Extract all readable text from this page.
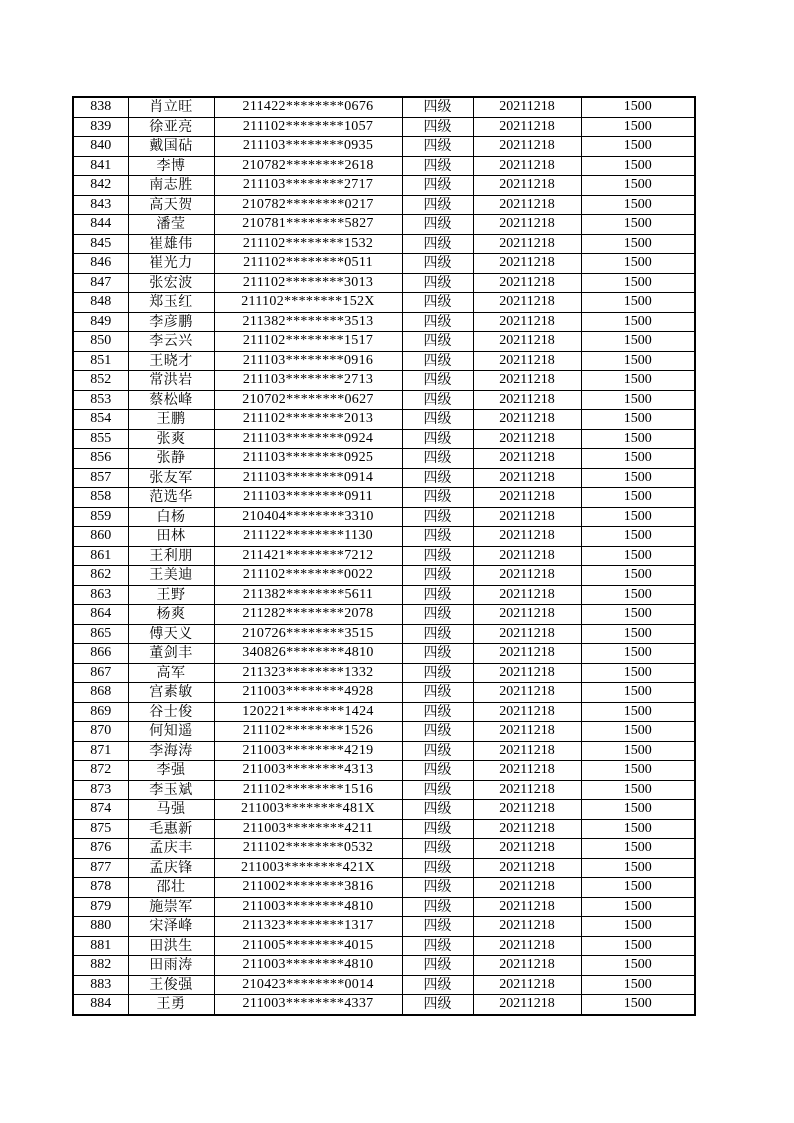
838	肖立旺	211422********0676	四级	20211218	1500
839	徐亚亮	211102********1057	四级	20211218	1500
840	戴国砧	211103********0935	四级	20211218	1500
841	李博	210782********2618	四级	20211218	1500
842	南志胜	211103********2717	四级	20211218	1500
843	高天贺	210782********0217	四级	20211218	1500
844	潘莹	210781********5827	四级	20211218	1500
845	崔雄伟	211102********1532	四级	20211218	1500
846	崔光力	211102********0511	四级	20211218	1500
847	张宏波	211102********3013	四级	20211218	1500
848	郑玉红	211102********152X	四级	20211218	1500
849	李彦鹏	211382********3513	四级	20211218	1500
850	李云兴	211102********1517	四级	20211218	1500
851	王晓才	211103********0916	四级	20211218	1500
852	常洪岩	211103********2713	四级	20211218	1500
853	蔡松峰	210702********0627	四级	20211218	1500
854	王鹏	211102********2013	四级	20211218	1500
855	张爽	211103********0924	四级	20211218	1500
856	张静	211103********0925	四级	20211218	1500
857	张友军	211103********0914	四级	20211218	1500
858	范选华	211103********0911	四级	20211218	1500
859	白杨	210404********3310	四级	20211218	1500
860	田林	211122********1130	四级	20211218	1500
861	王利朋	211421********7212	四级	20211218	1500
862	王美迪	211102********0022	四级	20211218	1500
863	王野	211382********5611	四级	20211218	1500
864	杨爽	211282********2078	四级	20211218	1500
865	傅天义	210726********3515	四级	20211218	1500
866	董剑丰	340826********4810	四级	20211218	1500
867	高军	211323********1332	四级	20211218	1500
868	宫素敏	211003********4928	四级	20211218	1500
869	谷士俊	120221********1424	四级	20211218	1500
870	何知遥	211102********1526	四级	20211218	1500
871	李海涛	211003********4219	四级	20211218	1500
872	李强	211003********4313	四级	20211218	1500
873	李玉斌	211102********1516	四级	20211218	1500
874	马强	211003********481X	四级	20211218	1500
875	毛惠新	211003********4211	四级	20211218	1500
876	孟庆丰	211102********0532	四级	20211218	1500
877	孟庆锋	211003********421X	四级	20211218	1500
878	邵壮	211002********3816	四级	20211218	1500
879	施崇军	211003********4810	四级	20211218	1500
880	宋泽峰	211323********1317	四级	20211218	1500
881	田洪生	211005********4015	四级	20211218	1500
882	田雨涛	211003********4810	四级	20211218	1500
883	王俊强	210423********0014	四级	20211218	1500
884	王勇	211003********4337	四级	20211218	1500
